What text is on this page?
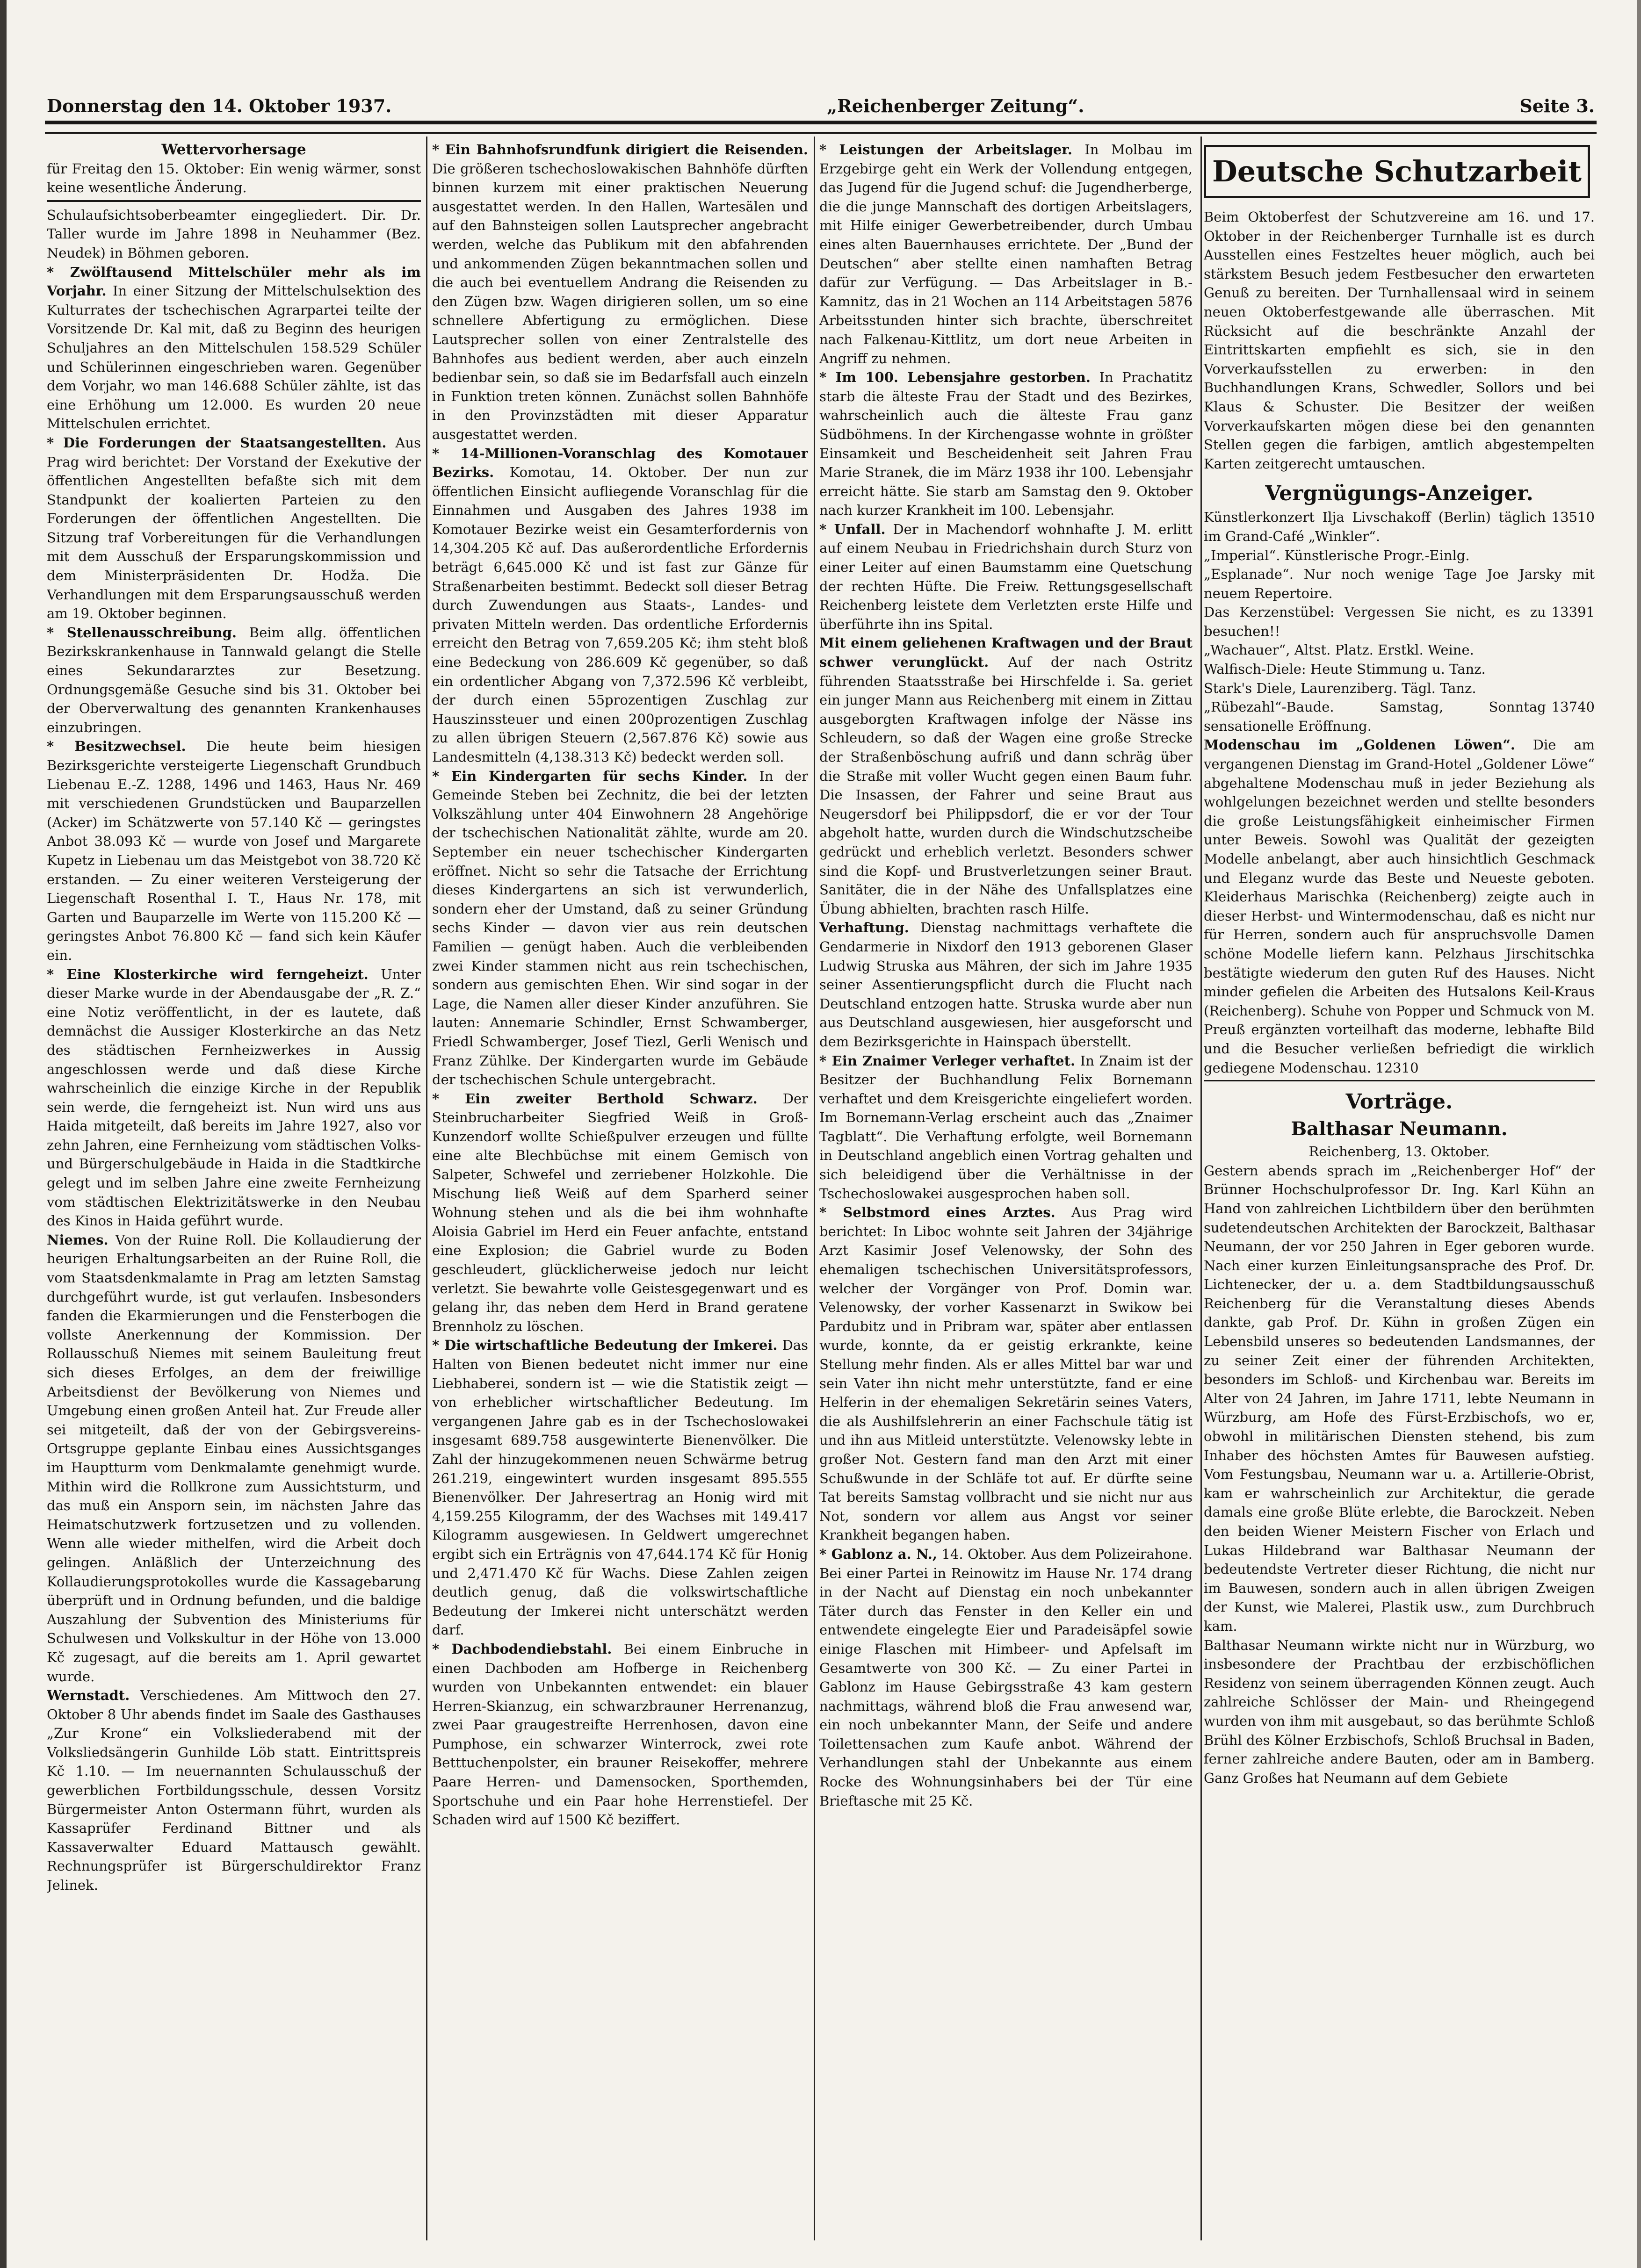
Donnerstag den 14. Oktober 1937.	„Reichenberger Zeitung“.	Seite 3.
Wettervorhersage

für Freitag den 15. Oktober: Ein wenig wärmer, sonst keine wesentliche Änderung.

Schulaufsichtsoberbeamter eingegliedert. Dir. Dr. Taller wurde im Jahre 1898 in Neuhammer (Bez. Neudek) in Böhmen geboren.

* Zwölftausend Mittelschüler mehr als im Vorjahr. In einer Sitzung der Mittelschulsektion des Kulturrates der tschechischen Agrarpartei teilte der Vorsitzende Dr. Kal mit, daß zu Beginn des heurigen Schuljahres an den Mittelschulen 158.529 Schüler und Schülerinnen eingeschrieben waren. Gegenüber dem Vorjahr, wo man 146.688 Schüler zählte, ist das eine Erhöhung um 12.000. Es wurden 20 neue Mittelschulen errichtet.

* Die Forderungen der Staatsangestellten. Aus Prag wird berichtet: Der Vorstand der Exekutive der öffentlichen Angestellten befaßte sich mit dem Standpunkt der koalierten Parteien zu den Forderungen der öffentlichen Angestellten. Die Sitzung traf Vorbereitungen für die Verhandlungen mit dem Ausschuß der Ersparungskommission und dem Ministerpräsidenten Dr. Hodža. Die Verhandlungen mit dem Ersparungsausschuß werden am 19. Oktober beginnen.

* Stellenausschreibung. Beim allg. öffentlichen Bezirkskrankenhause in Tannwald gelangt die Stelle eines Sekundararztes zur Besetzung. Ordnungsgemäße Gesuche sind bis 31. Oktober bei der Oberverwaltung des genannten Krankenhauses einzubringen.

* Besitzwechsel. Die heute beim hiesigen Bezirksgerichte versteigerte Liegenschaft Grundbuch Liebenau E.-Z. 1288, 1496 und 1463, Haus Nr. 469 mit verschiedenen Grundstücken und Bauparzellen (Acker) im Schätzwerte von 57.140 Kč — geringstes Anbot 38.093 Kč — wurde von Josef und Margarete Kupetz in Liebenau um das Meistgebot von 38.720 Kč erstanden. — Zu einer weiteren Versteigerung der Liegenschaft Rosenthal I. T., Haus Nr. 178, mit Garten und Bauparzelle im Werte von 115.200 Kč — geringstes Anbot 76.800 Kč — fand sich kein Käufer ein.

* Eine Klosterkirche wird ferngeheizt. Unter dieser Marke wurde in der Abendausgabe der „R. Z.“ eine Notiz veröffentlicht, in der es lautete, daß demnächst die Aussiger Klosterkirche an das Netz des städtischen Fernheizwerkes in Aussig angeschlossen werde und daß diese Kirche wahrscheinlich die einzige Kirche in der Republik sein werde, die ferngeheizt ist. Nun wird uns aus Haida mitgeteilt, daß bereits im Jahre 1927, also vor zehn Jahren, eine Fernheizung vom städtischen Volks- und Bürgerschulgebäude in Haida in die Stadtkirche gelegt und im selben Jahre eine zweite Fernheizung vom städtischen Elektrizitätswerke in den Neubau des Kinos in Haida geführt wurde.

Niemes. Von der Ruine Roll. Die Kollaudierung der heurigen Erhaltungsarbeiten an der Ruine Roll, die vom Staatsdenkmalamte in Prag am letzten Samstag durchgeführt wurde, ist gut verlaufen. Insbesonders fanden die Ekarmierungen und die Fensterbogen die vollste Anerkennung der Kommission. Der Rollausschuß Niemes mit seinem Bauleitung freut sich dieses Erfolges, an dem der freiwillige Arbeitsdienst der Bevölkerung von Niemes und Umgebung einen großen Anteil hat. Zur Freude aller sei mitgeteilt, daß der von der Gebirgsvereins-Ortsgruppe geplante Einbau eines Aussichtsganges im Hauptturm vom Denkmalamte genehmigt wurde. Mithin wird die Rollkrone zum Aussichtsturm, und das muß ein Ansporn sein, im nächsten Jahre das Heimatschutzwerk fortzusetzen und zu vollenden. Wenn alle wieder mithelfen, wird die Arbeit doch gelingen. Anläßlich der Unterzeichnung des Kollaudierungsprotokolles wurde die Kassagebarung überprüft und in Ordnung befunden, und die baldige Auszahlung der Subvention des Ministeriums für Schulwesen und Volkskultur in der Höhe von 13.000 Kč zugesagt, auf die bereits am 1. April gewartet wurde.

Wernstadt. Verschiedenes. Am Mittwoch den 27. Oktober 8 Uhr abends findet im Saale des Gasthauses „Zur Krone“ ein Volksliederabend mit der Volksliedsängerin Gunhilde Löb statt. Eintrittspreis Kč 1.10. — Im neuernannten Schulausschuß der gewerblichen Fortbildungsschule, dessen Vorsitz Bürgermeister Anton Ostermann führt, wurden als Kassaprüfer Ferdinand Bittner und als Kassaverwalter Eduard Mattausch gewählt. Rechnungsprüfer ist Bürgerschuldirektor Franz Jelinek.

* Ein Bahnhofsrundfunk dirigiert die Reisenden. Die größeren tschechoslowakischen Bahnhöfe dürften binnen kurzem mit einer praktischen Neuerung ausgestattet werden. In den Hallen, Wartesälen und auf den Bahnsteigen sollen Lautsprecher angebracht werden, welche das Publikum mit den abfahrenden und ankommenden Zügen bekanntmachen sollen und die auch bei eventuellem Andrang die Reisenden zu den Zügen bzw. Wagen dirigieren sollen, um so eine schnellere Abfertigung zu ermöglichen. Diese Lautsprecher sollen von einer Zentralstelle des Bahnhofes aus bedient werden, aber auch einzeln bedienbar sein, so daß sie im Bedarfsfall auch einzeln in Funktion treten können. Zunächst sollen Bahnhöfe in den Provinzstädten mit dieser Apparatur ausgestattet werden.

* 14-Millionen-Voranschlag des Komotauer Bezirks. Komotau, 14. Oktober. Der nun zur öffentlichen Einsicht aufliegende Voranschlag für die Einnahmen und Ausgaben des Jahres 1938 im Komotauer Bezirke weist ein Gesamterfordernis von 14,304.205 Kč auf. Das außerordentliche Erfordernis beträgt 6,645.000 Kč und ist fast zur Gänze für Straßenarbeiten bestimmt. Bedeckt soll dieser Betrag durch Zuwendungen aus Staats-, Landes- und privaten Mitteln werden. Das ordentliche Erfordernis erreicht den Betrag von 7,659.205 Kč; ihm steht bloß eine Bedeckung von 286.609 Kč gegenüber, so daß ein ordentlicher Abgang von 7,372.596 Kč verbleibt, der durch einen 55prozentigen Zuschlag zur Hauszinssteuer und einen 200prozentigen Zuschlag zu allen übrigen Steuern (2,567.876 Kč) sowie aus Landesmitteln (4,138.313 Kč) bedeckt werden soll.

* Ein Kindergarten für sechs Kinder. In der Gemeinde Steben bei Zechnitz, die bei der letzten Volkszählung unter 404 Einwohnern 28 Angehörige der tschechischen Nationalität zählte, wurde am 20. September ein neuer tschechischer Kindergarten eröffnet. Nicht so sehr die Tatsache der Errichtung dieses Kindergartens an sich ist verwunderlich, sondern eher der Umstand, daß zu seiner Gründung sechs Kinder — davon vier aus rein deutschen Familien — genügt haben. Auch die verbleibenden zwei Kinder stammen nicht aus rein tschechischen, sondern aus gemischten Ehen. Wir sind sogar in der Lage, die Namen aller dieser Kinder anzuführen. Sie lauten: Annemarie Schindler, Ernst Schwamberger, Friedl Schwamberger, Josef Tiezl, Gerli Wenisch und Franz Zühlke. Der Kindergarten wurde im Gebäude der tschechischen Schule untergebracht.

* Ein zweiter Berthold Schwarz. Der Steinbrucharbeiter Siegfried Weiß in Groß-Kunzendorf wollte Schießpulver erzeugen und füllte eine alte Blechbüchse mit einem Gemisch von Salpeter, Schwefel und zerriebener Holzkohle. Die Mischung ließ Weiß auf dem Sparherd seiner Wohnung stehen und als die bei ihm wohnhafte Aloisia Gabriel im Herd ein Feuer anfachte, entstand eine Explosion; die Gabriel wurde zu Boden geschleudert, glücklicherweise jedoch nur leicht verletzt. Sie bewahrte volle Geistesgegenwart und es gelang ihr, das neben dem Herd in Brand geratene Brennholz zu löschen.

* Die wirtschaftliche Bedeutung der Imkerei. Das Halten von Bienen bedeutet nicht immer nur eine Liebhaberei, sondern ist — wie die Statistik zeigt — von erheblicher wirtschaftlicher Bedeutung. Im vergangenen Jahre gab es in der Tschechoslowakei insgesamt 689.758 ausgewinterte Bienenvölker. Die Zahl der hinzugekommenen neuen Schwärme betrug 261.219, eingewintert wurden insgesamt 895.555 Bienenvölker. Der Jahresertrag an Honig wird mit 4,159.255 Kilogramm, der des Wachses mit 149.417 Kilogramm ausgewiesen. In Geldwert umgerechnet ergibt sich ein Erträgnis von 47,644.174 Kč für Honig und 2,471.470 Kč für Wachs. Diese Zahlen zeigen deutlich genug, daß die volkswirtschaftliche Bedeutung der Imkerei nicht unterschätzt werden darf.

* Dachbodendiebstahl. Bei einem Einbruche in einen Dachboden am Hofberge in Reichenberg wurden von Unbekannten entwendet: ein blauer Herren-Skianzug, ein schwarzbrauner Herrenanzug, zwei Paar graugestreifte Herrenhosen, davon eine Pumphose, ein schwarzer Winterrock, zwei rote Betttuchenpolster, ein brauner Reisekoffer, mehrere Paare Herren- und Damensocken, Sporthemden, Sportschuhe und ein Paar hohe Herrenstiefel. Der Schaden wird auf 1500 Kč beziffert.

* Leistungen der Arbeitslager. In Molbau im Erzgebirge geht ein Werk der Vollendung entgegen, das Jugend für die Jugend schuf: die Jugendherberge, die die junge Mannschaft des dortigen Arbeitslagers, mit Hilfe einiger Gewerbetreibender, durch Umbau eines alten Bauernhauses errichtete. Der „Bund der Deutschen“ aber stellte einen namhaften Betrag dafür zur Verfügung. — Das Arbeitslager in B.-Kamnitz, das in 21 Wochen an 114 Arbeitstagen 5876 Arbeitsstunden hinter sich brachte, überschreitet nach Falkenau-Kittlitz, um dort neue Arbeiten in Angriff zu nehmen.

* Im 100. Lebensjahre gestorben. In Prachatitz starb die älteste Frau der Stadt und des Bezirkes, wahrscheinlich auch die älteste Frau ganz Südböhmens. In der Kirchengasse wohnte in größter Einsamkeit und Bescheidenheit seit Jahren Frau Marie Stranek, die im März 1938 ihr 100. Lebensjahr erreicht hätte. Sie starb am Samstag den 9. Oktober nach kurzer Krankheit im 100. Lebensjahr.

* Unfall. Der in Machendorf wohnhafte J. M. erlitt auf einem Neubau in Friedrichshain durch Sturz von einer Leiter auf einen Baumstamm eine Quetschung der rechten Hüfte. Die Freiw. Rettungsgesellschaft Reichenberg leistete dem Verletzten erste Hilfe und überführte ihn ins Spital.

Mit einem geliehenen Kraftwagen und der Braut schwer verunglückt. Auf der nach Ostritz führenden Staatsstraße bei Hirschfelde i. Sa. geriet ein junger Mann aus Reichenberg mit einem in Zittau ausgeborgten Kraftwagen infolge der Nässe ins Schleudern, so daß der Wagen eine große Strecke der Straßenböschung aufriß und dann schräg über die Straße mit voller Wucht gegen einen Baum fuhr. Die Insassen, der Fahrer und seine Braut aus Neugersdorf bei Philippsdorf, die er vor der Tour abgeholt hatte, wurden durch die Windschutzscheibe gedrückt und erheblich verletzt. Besonders schwer sind die Kopf- und Brustverletzungen seiner Braut. Sanitäter, die in der Nähe des Unfallsplatzes eine Übung abhielten, brachten rasch Hilfe.

Verhaftung. Dienstag nachmittags verhaftete die Gendarmerie in Nixdorf den 1913 geborenen Glaser Ludwig Struska aus Mähren, der sich im Jahre 1935 seiner Assentierungspflicht durch die Flucht nach Deutschland entzogen hatte. Struska wurde aber nun aus Deutschland ausgewiesen, hier ausgeforscht und dem Bezirksgerichte in Hainspach überstellt.

* Ein Znaimer Verleger verhaftet. In Znaim ist der Besitzer der Buchhandlung Felix Bornemann verhaftet und dem Kreisgerichte eingeliefert worden. Im Bornemann-Verlag erscheint auch das „Znaimer Tagblatt“. Die Verhaftung erfolgte, weil Bornemann in Deutschland angeblich einen Vortrag gehalten und sich beleidigend über die Verhältnisse in der Tschechoslowakei ausgesprochen haben soll.

* Selbstmord eines Arztes. Aus Prag wird berichtet: In Liboc wohnte seit Jahren der 34jährige Arzt Kasimir Josef Velenowsky, der Sohn des ehemaligen tschechischen Universitätsprofessors, welcher der Vorgänger von Prof. Domin war. Velenowsky, der vorher Kassenarzt in Swikow bei Pardubitz und in Pribram war, später aber entlassen wurde, konnte, da er geistig erkrankte, keine Stellung mehr finden. Als er alles Mittel bar war und sein Vater ihn nicht mehr unterstützte, fand er eine Helferin in der ehemaligen Sekretärin seines Vaters, die als Aushilfslehrerin an einer Fachschule tätig ist und ihn aus Mitleid unterstützte. Velenowsky lebte in großer Not. Gestern fand man den Arzt mit einer Schußwunde in der Schläfe tot auf. Er dürfte seine Tat bereits Samstag vollbracht und sie nicht nur aus Not, sondern vor allem aus Angst vor seiner Krankheit begangen haben.

* Gablonz a. N., 14. Oktober. Aus dem Polizeirahone. Bei einer Partei in Reinowitz im Hause Nr. 174 drang in der Nacht auf Dienstag ein noch unbekannter Täter durch das Fenster in den Keller ein und entwendete eingelegte Eier und Paradeisäpfel sowie einige Flaschen mit Himbeer- und Apfelsaft im Gesamtwerte von 300 Kč. — Zu einer Partei in Gablonz im Hause Gebirgsstraße 43 kam gestern nachmittags, während bloß die Frau anwesend war, ein noch unbekannter Mann, der Seife und andere Toilettensachen zum Kaufe anbot. Während der Verhandlungen stahl der Unbekannte aus einem Rocke des Wohnungsinhabers bei der Tür eine Brieftasche mit 25 Kč.

Deutsche Schutzarbeit

Beim Oktoberfest der Schutzvereine am 16. und 17. Oktober in der Reichenberger Turnhalle ist es durch Ausstellen eines Festzeltes heuer möglich, auch bei stärkstem Besuch jedem Festbesucher den erwarteten Genuß zu bereiten. Der Turnhallensaal wird in seinem neuen Oktoberfestgewande alle überraschen. Mit Rücksicht auf die beschränkte Anzahl der Eintrittskarten empfiehlt es sich, sie in den Vorverkaufsstellen zu erwerben: in den Buchhandlungen Krans, Schwedler, Sollors und bei Klaus & Schuster. Die Besitzer der weißen Vorverkaufskarten mögen diese bei den genannten Stellen gegen die farbigen, amtlich abgestempelten Karten zeitgerecht umtauschen.

Vergnügungs-Anzeiger.

Künstlerkonzert Ilja Livschakoff (Berlin) täglich im Grand-Café „Winkler“.
13510

„Imperial“. Künstlerische Progr.-Einlg.

„Esplanade“. Nur noch wenige Tage Joe Jarsky mit neuem Repertoire.

Das Kerzenstübel: Vergessen Sie nicht, es zu besuchen!!
13391

„Wachauer“, Altst. Platz. Erstkl. Weine.

Walfisch-Diele: Heute Stimmung u. Tanz.

Stark's Diele, Laurenziberg. Tägl. Tanz.

„Rübezahl“-Baude. Samstag, Sonntag sensationelle Eröffnung.
13740

Modenschau im „Goldenen Löwen“. Die am vergangenen Dienstag im Grand-Hotel „Goldener Löwe“ abgehaltene Modenschau muß in jeder Beziehung als wohlgelungen bezeichnet werden und stellte besonders die große Leistungsfähigkeit einheimischer Firmen unter Beweis. Sowohl was Qualität der gezeigten Modelle anbelangt, aber auch hinsichtlich Geschmack und Eleganz wurde das Beste und Neueste geboten. Kleiderhaus Marischka (Reichenberg) zeigte auch in dieser Herbst- und Wintermodenschau, daß es nicht nur für Herren, sondern auch für anspruchsvolle Damen schöne Modelle liefern kann. Pelzhaus Jirschitschka bestätigte wiederum den guten Ruf des Hauses. Nicht minder gefielen die Arbeiten des Hutsalons Keil-Kraus (Reichenberg). Schuhe von Popper und Schmuck von M. Preuß ergänzten vorteilhaft das moderne, lebhafte Bild und die Besucher verließen befriedigt die wirklich gediegene Modenschau. 12310

Vorträge.
Balthasar Neumann.

Reichenberg, 13. Oktober.

Gestern abends sprach im „Reichenberger Hof“ der Brünner Hochschulprofessor Dr. Ing. Karl Kühn an Hand von zahlreichen Lichtbildern über den berühmten sudetendeutschen Architekten der Barockzeit, Balthasar Neumann, der vor 250 Jahren in Eger geboren wurde. Nach einer kurzen Einleitungsansprache des Prof. Dr. Lichtenecker, der u. a. dem Stadtbildungsausschuß Reichenberg für die Veranstaltung dieses Abends dankte, gab Prof. Dr. Kühn in großen Zügen ein Lebensbild unseres so bedeutenden Landsmannes, der zu seiner Zeit einer der führenden Architekten, besonders im Schloß- und Kirchenbau war. Bereits im Alter von 24 Jahren, im Jahre 1711, lebte Neumann in Würzburg, am Hofe des Fürst-Erzbischofs, wo er, obwohl in militärischen Diensten stehend, bis zum Inhaber des höchsten Amtes für Bauwesen aufstieg. Vom Festungsbau, Neumann war u. a. Artillerie-Obrist, kam er wahrscheinlich zur Architektur, die gerade damals eine große Blüte erlebte, die Barockzeit. Neben den beiden Wiener Meistern Fischer von Erlach und Lukas Hildebrand war Balthasar Neumann der bedeutendste Vertreter dieser Richtung, die nicht nur im Bauwesen, sondern auch in allen übrigen Zweigen der Kunst, wie Malerei, Plastik usw., zum Durchbruch kam.

Balthasar Neumann wirkte nicht nur in Würzburg, wo insbesondere der Prachtbau der erzbischöflichen Residenz von seinem überragenden Können zeugt. Auch zahlreiche Schlösser der Main- und Rheingegend wurden von ihm mit ausgebaut, so das berühmte Schloß Brühl des Kölner Erzbischofs, Schloß Bruchsal in Baden, ferner zahlreiche andere Bauten, oder am in Bamberg. Ganz Großes hat Neumann auf dem Gebiete
